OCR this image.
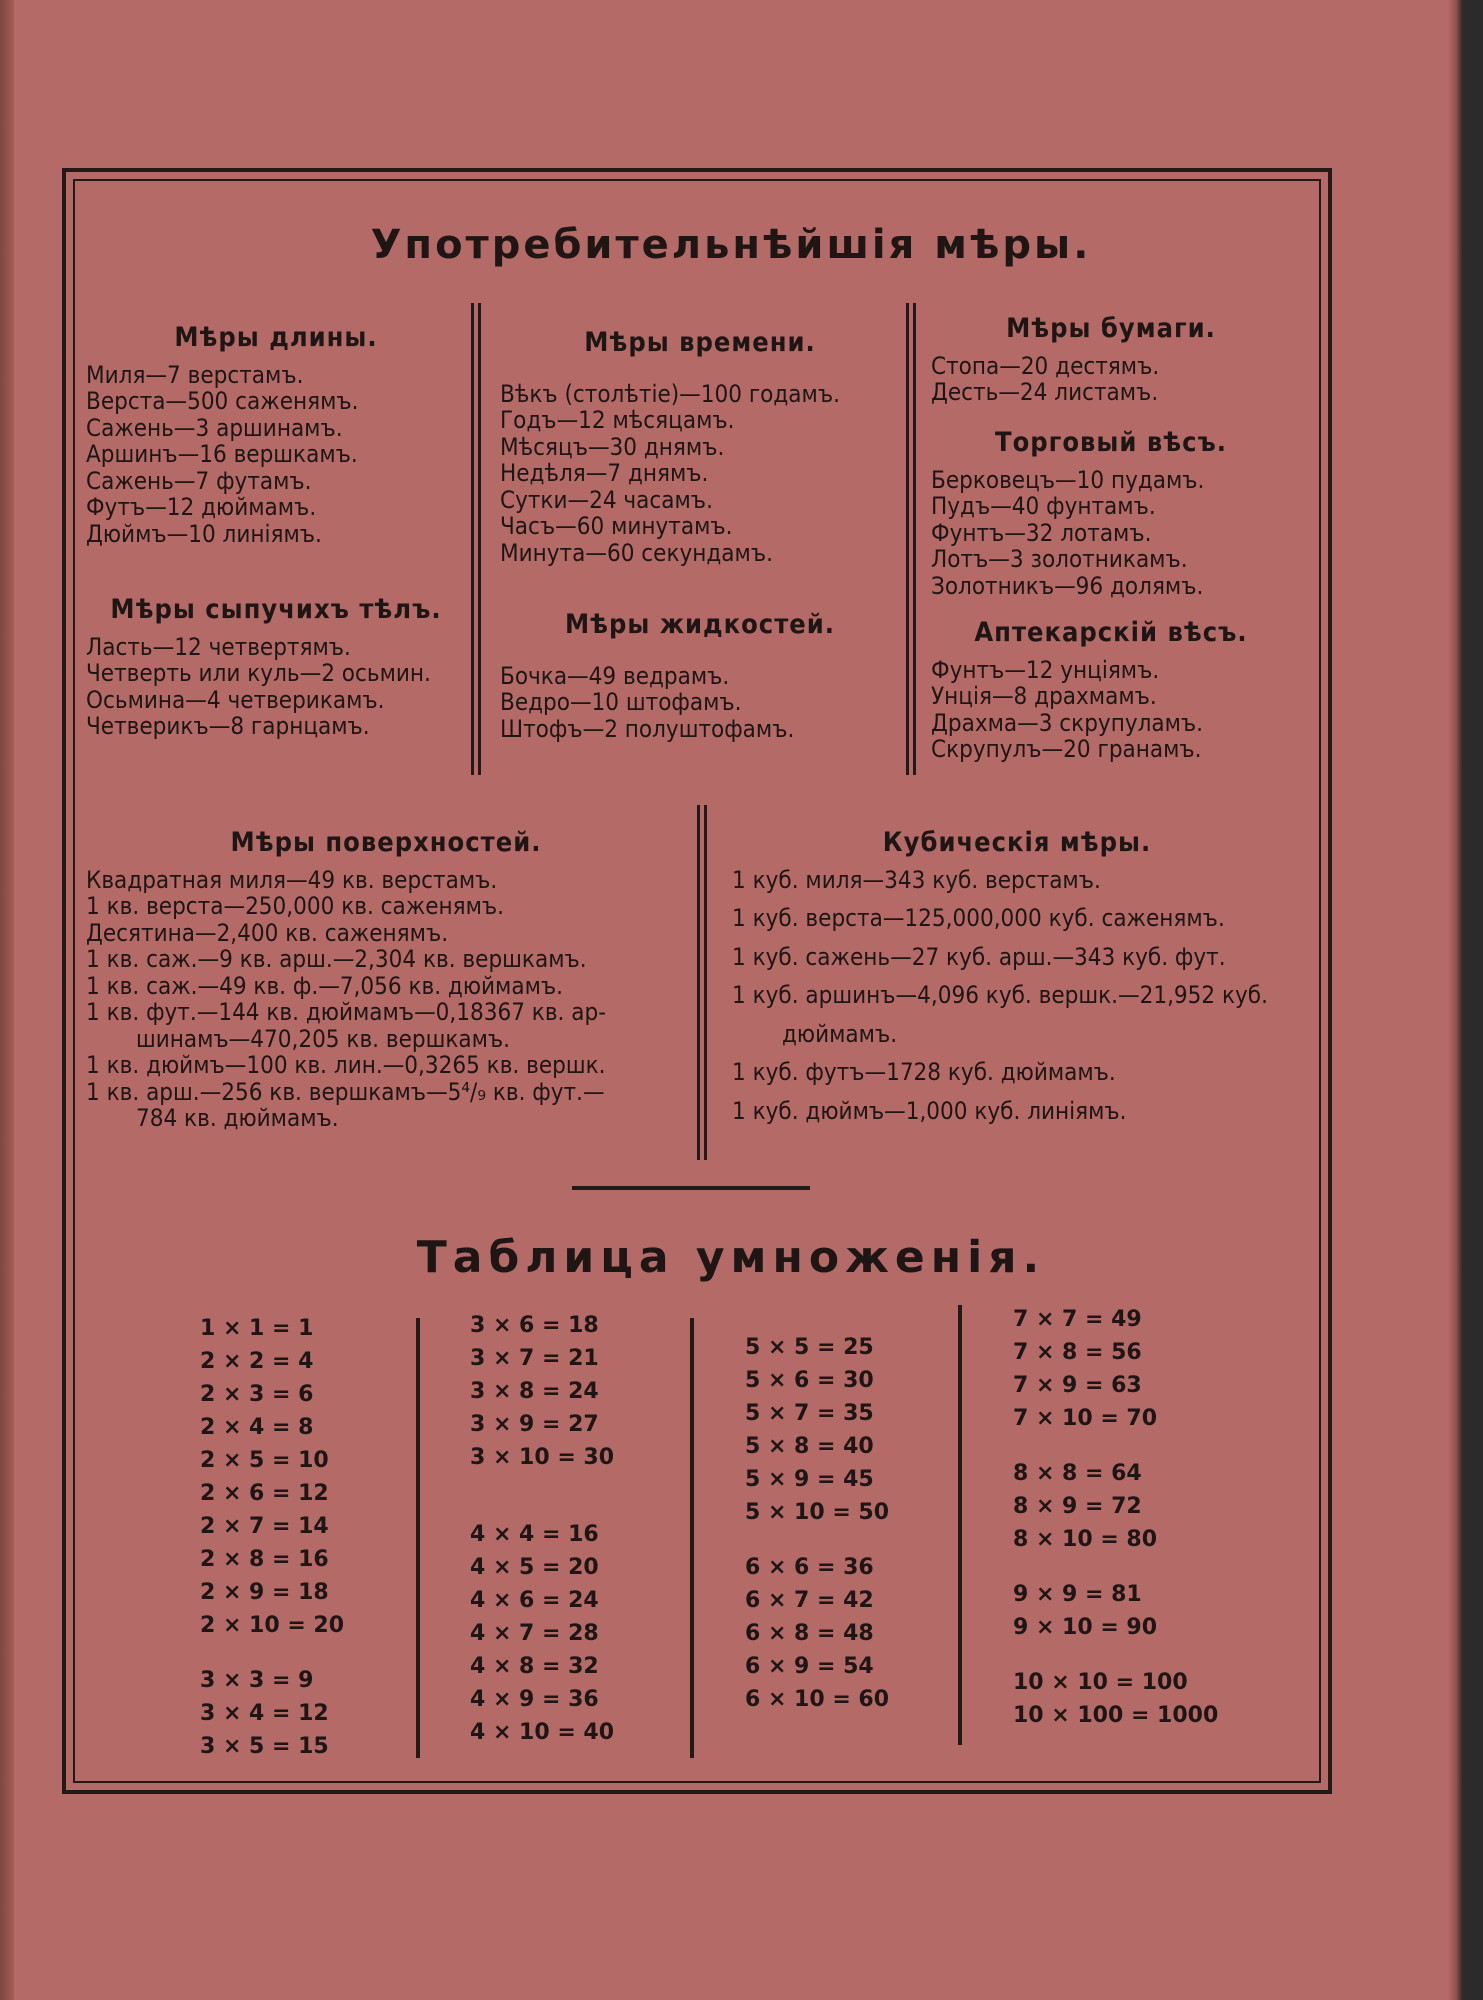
Употребительнѣйшія мѣры.
Мѣры длины.
Миля—7 верстамъ.
Верста—500 саженямъ.
Сажень—3 аршинамъ.
Аршинъ—16 вершкамъ.
Сажень—7 футамъ.
Футъ—12 дюймамъ.
Дюймъ—10 линіямъ.
Мѣры сыпучихъ тѣлъ.
Ласть—12 четвертямъ.
Четверть или куль—2 осьмин.
Осьмина—4 четверикамъ.
Четверикъ—8 гарнцамъ.
Мѣры времени.
Вѣкъ (столѣтіе)—100 годамъ.
Годъ—12 мѣсяцамъ.
Мѣсяцъ—30 днямъ.
Недѣля—7 днямъ.
Сутки—24 часамъ.
Часъ—60 минутамъ.
Минута—60 секундамъ.
Мѣры жидкостей.
Бочка—49 ведрамъ.
Ведро—10 штофамъ.
Штофъ—2 полуштофамъ.
Мѣры бумаги.
Стопа—20 дестямъ.
Десть—24 листамъ.
Торговый вѣсъ.
Берковецъ—10 пудамъ.
Пудъ—40 фунтамъ.
Фунтъ—32 лотамъ.
Лотъ—3 золотникамъ.
Золотникъ—96 долямъ.
Аптекарскій вѣсъ.
Фунтъ—12 унціямъ.
Унція—8 драхмамъ.
Драхма—3 скрупуламъ.
Скрупулъ—20 гранамъ.
Мѣры поверхностей.
Квадратная миля—49 кв. верстамъ.
1 кв. верста—250,000 кв. саженямъ.
Десятина—2,400 кв. саженямъ.
1 кв. саж.—9 кв. арш.—2,304 кв. вершкамъ.
1 кв. саж.—49 кв. ф.—7,056 кв. дюймамъ.
1 кв. фут.—144 кв. дюймамъ—0,18367 кв. ар-
шинамъ—470,205 кв. вершкамъ.
1 кв. дюймъ—100 кв. лин.—0,3265 кв. вершк.
1 кв. арш.—256 кв. вершкамъ—5⁴/₉ кв. фут.—
784 кв. дюймамъ.
Кубическія мѣры.
1 куб. миля—343 куб. верстамъ.
1 куб. верста—125,000,000 куб. саженямъ.
1 куб. сажень—27 куб. арш.—343 куб. фут.
1 куб. аршинъ—4,096 куб. вершк.—21,952 куб.
дюймамъ.
1 куб. футъ—1728 куб. дюймамъ.
1 куб. дюймъ—1,000 куб. линіямъ.
Таблица умноженія.
1 × 1 = 1
2 × 2 = 4
2 × 3 = 6
2 × 4 = 8
2 × 5 = 10
2 × 6 = 12
2 × 7 = 14
2 × 8 = 16
2 × 9 = 18
2 × 10 = 20
3 × 3 = 9
3 × 4 = 12
3 × 5 = 15
3 × 6 = 18
3 × 7 = 21
3 × 8 = 24
3 × 9 = 27
3 × 10 = 30
4 × 4 = 16
4 × 5 = 20
4 × 6 = 24
4 × 7 = 28
4 × 8 = 32
4 × 9 = 36
4 × 10 = 40
5 × 5 = 25
5 × 6 = 30
5 × 7 = 35
5 × 8 = 40
5 × 9 = 45
5 × 10 = 50
6 × 6 = 36
6 × 7 = 42
6 × 8 = 48
6 × 9 = 54
6 × 10 = 60
7 × 7 = 49
7 × 8 = 56
7 × 9 = 63
7 × 10 = 70
8 × 8 = 64
8 × 9 = 72
8 × 10 = 80
9 × 9 = 81
9 × 10 = 90
10 × 10 = 100
10 × 100 = 1000
